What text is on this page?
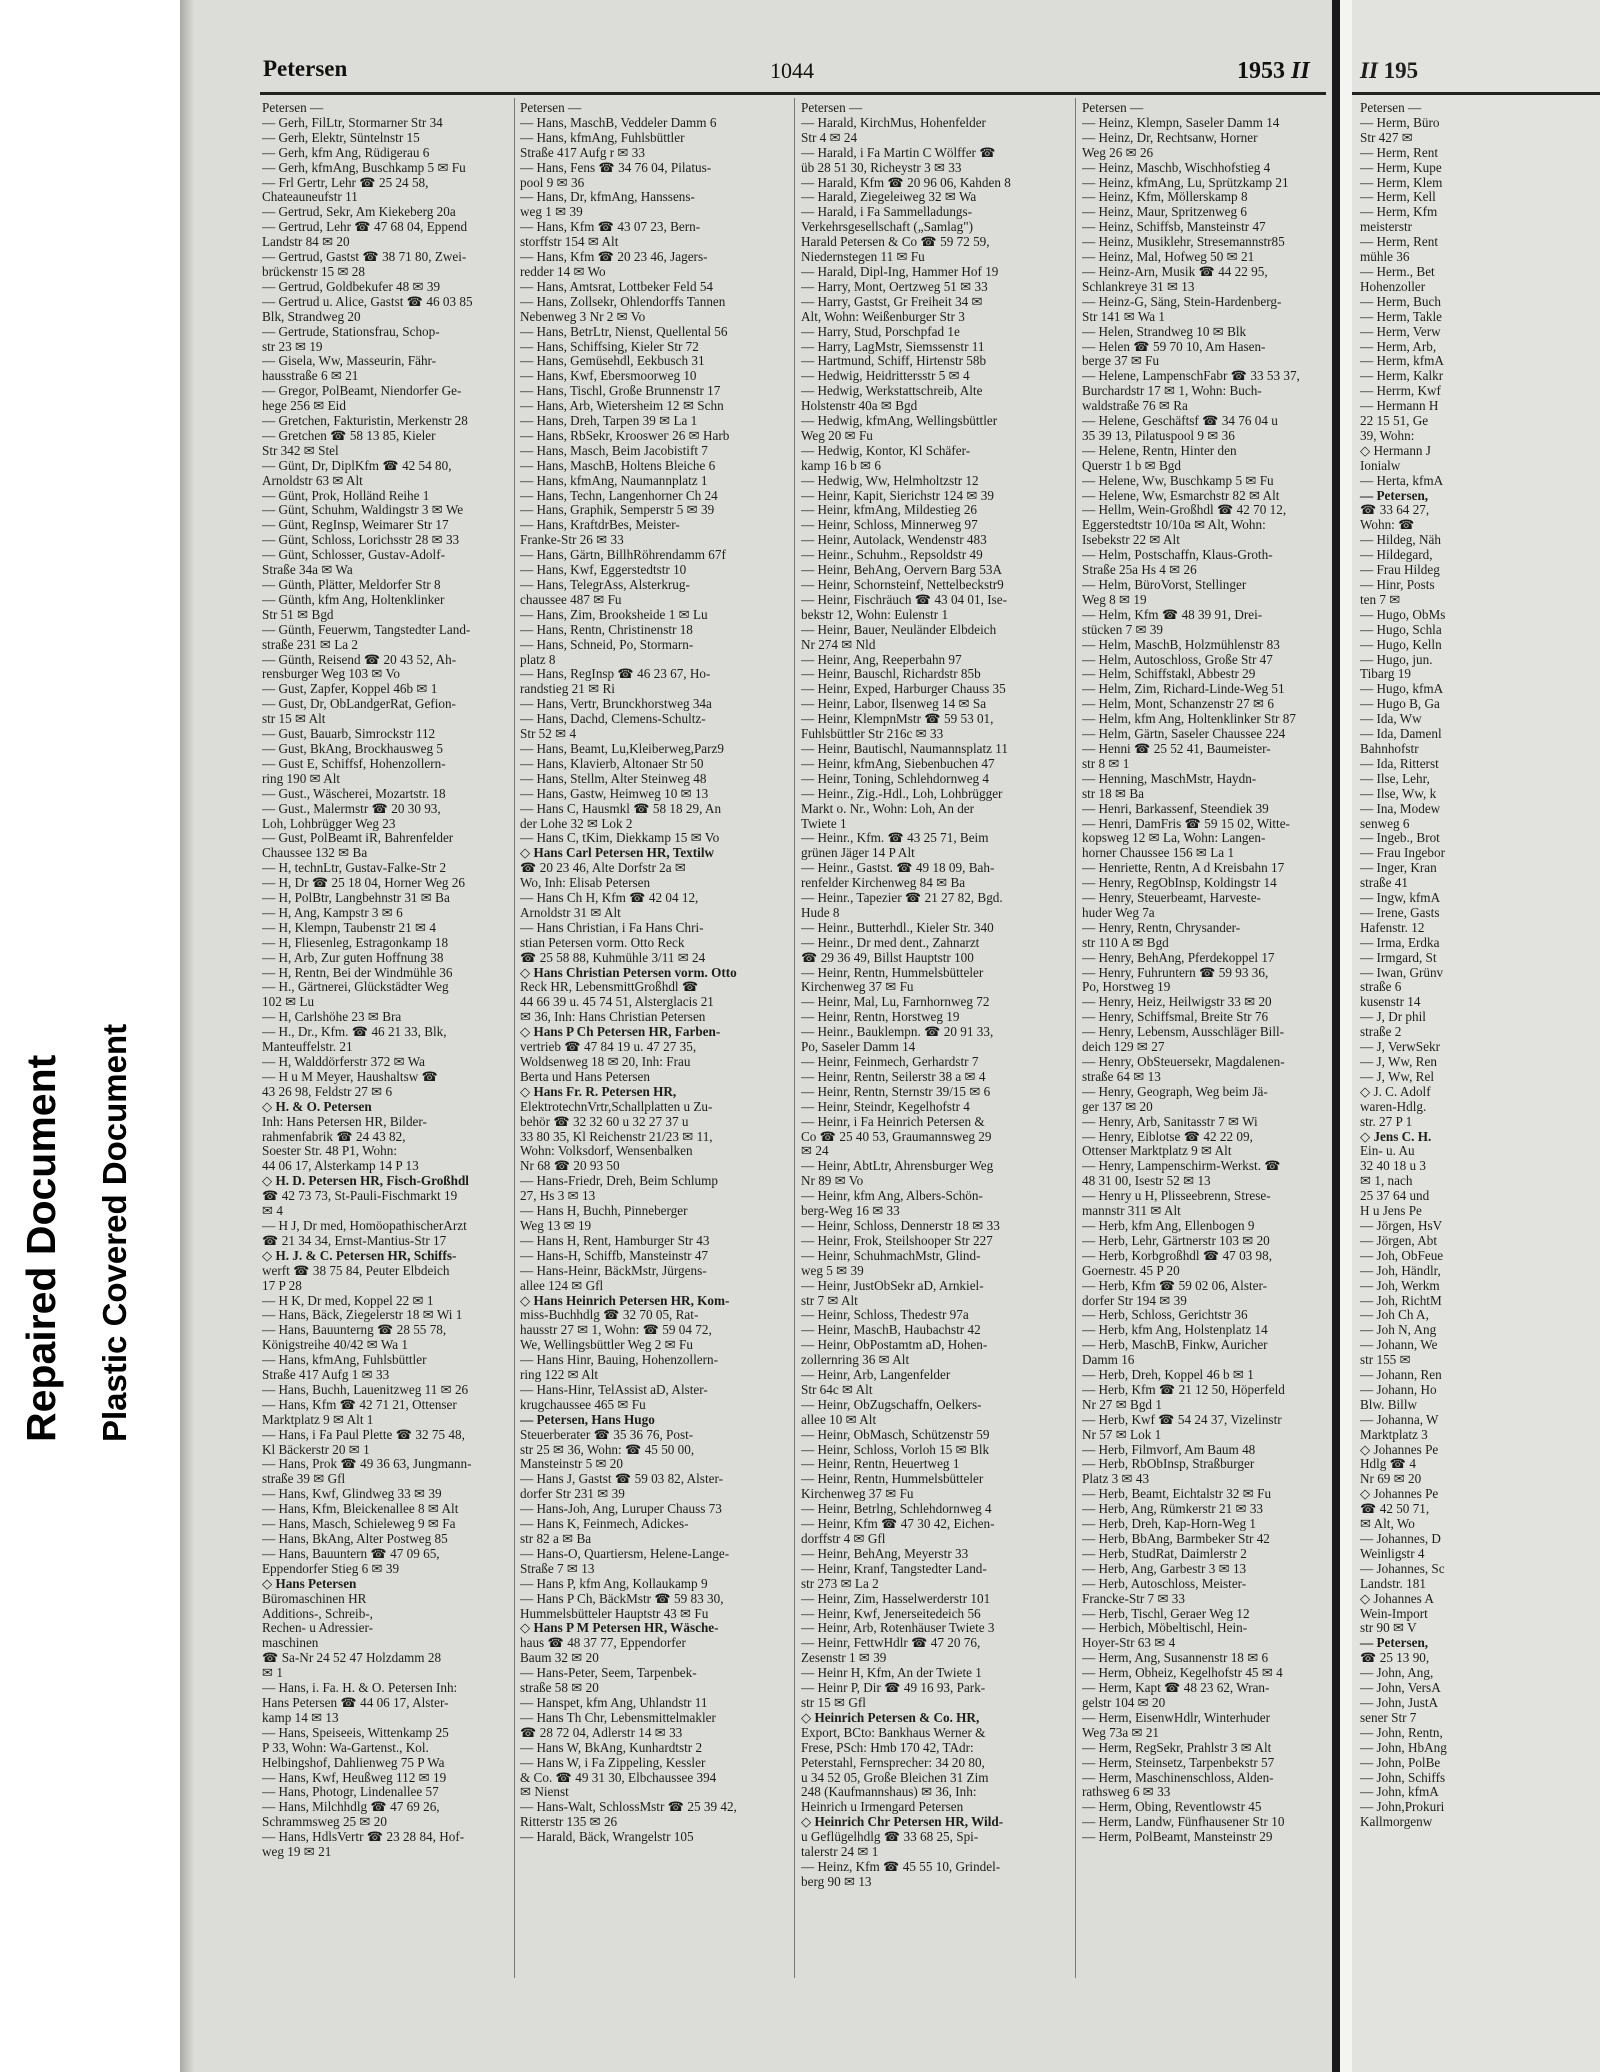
Repaired Document Plastic Covered Document
Petersen	1044	1953 II
Petersen —
— Gerh, FilLtr, Stormarner Str 34
— Gerh, Elektr, Süntelnstr 15
— Gerh, kfm Ang, Rüdigerau 6
— Gerh, kfmAng, Buschkamp 5 ✉ Fu
— Frl Gertr, Lehr ☎ 25 24 58,
Chateauneufstr 11
— Gertrud, Sekr, Am Kiekeberg 20a
— Gertrud, Lehr ☎ 47 68 04, Eppend
Landstr 84 ✉ 20
— Gertrud, Gastst ☎ 38 71 80, Zwei-
brückenstr 15 ✉ 28
— Gertrud, Goldbekufer 48 ✉ 39
— Gertrud u. Alice, Gastst ☎ 46 03 85
Blk, Strandweg 20
— Gertrude, Stationsfrau, Schop-
str 23 ✉ 19
— Gisela, Ww, Masseurin, Fähr-
hausstraße 6 ✉ 21
— Gregor, PolBeamt, Niendorfer Ge-
hege 256 ✉ Eid
— Gretchen, Fakturistin, Merkenstr 28
— Gretchen ☎ 58 13 85, Kieler
Str 342 ✉ Stel
— Günt, Dr, DiplKfm ☎ 42 54 80,
Arnoldstr 63 ✉ Alt
— Günt, Prok, Holländ Reihe 1
— Günt, Schuhm, Waldingstr 3 ✉ We
— Günt, RegInsp, Weimarer Str 17
— Günt, Schloss, Lorichsstr 28 ✉ 33
— Günt, Schlosser, Gustav-Adolf-
Straße 34a ✉ Wa
— Günth, Plätter, Meldorfer Str 8
— Günth, kfm Ang, Holtenklinker
Str 51 ✉ Bgd
— Günth, Feuerwm, Tangstedter Land-
straße 231 ✉ La 2
— Günth, Reisend ☎ 20 43 52, Ah-
rensburger Weg 103 ✉ Vo
— Gust, Zapfer, Koppel 46b ✉ 1
— Gust, Dr, ObLandgerRat, Gefion-
str 15 ✉ Alt
— Gust, Bauarb, Simrockstr 112
— Gust, BkAng, Brockhausweg 5
— Gust E, Schiffsf, Hohenzollern-
ring 190 ✉ Alt
— Gust., Wäscherei, Mozartstr. 18
— Gust., Malermstr ☎ 20 30 93,
Loh, Lohbrügger Weg 23
— Gust, PolBeamt iR, Bahrenfelder
Chaussee 132 ✉ Ba
— H, technLtr, Gustav-Falke-Str 2
— H, Dr ☎ 25 18 04, Horner Weg 26
— H, PolBtr, Langbehnstr 31 ✉ Ba
— H, Ang, Kampstr 3 ✉ 6
— H, Klempn, Taubenstr 21 ✉ 4
— H, Fliesenleg, Estragonkamp 18
— H, Arb, Zur guten Hoffnung 38
— H, Rentn, Bei der Windmühle 36
— H., Gärtnerei, Glückstädter Weg
102 ✉ Lu
— H, Carlshöhe 23 ✉ Bra
— H., Dr., Kfm. ☎ 46 21 33, Blk,
Manteuffelstr. 21
— H, Walddörferstr 372 ✉ Wa
— H u M Meyer, Haushaltsw ☎
43 26 98, Feldstr 27 ✉ 6
◇ H. & O. Petersen
Inh: Hans Petersen HR, Bilder-
rahmenfabrik ☎ 24 43 82,
Soester Str. 48 P1, Wohn:
44 06 17, Alsterkamp 14 P 13
◇ H. D. Petersen HR, Fisch-Großhdl
☎ 42 73 73, St-Pauli-Fischmarkt 19
✉ 4
— H J, Dr med, HomöopathischerArzt
☎ 21 34 34, Ernst-Mantius-Str 17
◇ H. J. & C. Petersen HR, Schiffs-
werft ☎ 38 75 84, Peuter Elbdeich
17 P 28
— H K, Dr med, Koppel 22 ✉ 1
— Hans, Bäck, Ziegelerstr 18 ✉ Wi 1
— Hans, Bauunterng ☎ 28 55 78,
Königstreihe 40/42 ✉ Wa 1
— Hans, kfmAng, Fuhlsbüttler
Straße 417 Aufg 1 ✉ 33
— Hans, Buchh, Lauenitzweg 11 ✉ 26
— Hans, Kfm ☎ 42 71 21, Ottenser
Marktplatz 9 ✉ Alt 1
— Hans, i Fa Paul Plette ☎ 32 75 48,
Kl Bäckerstr 20 ✉ 1
— Hans, Prok ☎ 49 36 63, Jungmann-
straße 39 ✉ Gfl
— Hans, Kwf, Glindweg 33 ✉ 39
— Hans, Kfm, Bleickenallee 8 ✉ Alt
— Hans, Masch, Schieleweg 9 ✉ Fa
— Hans, BkAng, Alter Postweg 85
— Hans, Bauuntern ☎ 47 09 65,
Eppendorfer Stieg 6 ✉ 39
◇ Hans Petersen
Büromaschinen HR
Additions-, Schreib-,
Rechen- u Adressier-
maschinen
☎ Sa-Nr 24 52 47 Holzdamm 28
✉ 1
— Hans, i. Fa. H. & O. Petersen Inh:
Hans Petersen ☎ 44 06 17, Alster-
kamp 14 ✉ 13
— Hans, Speiseeis, Wittenkamp 25
P 33, Wohn: Wa-Gartenst., Kol.
Helbingshof, Dahlienweg 75 P Wa
— Hans, Kwf, Heußweg 112 ✉ 19
— Hans, Photogr, Lindenallee 57
— Hans, Milchhdlg ☎ 47 69 26,
Schrammsweg 25 ✉ 20
— Hans, HdlsVertr ☎ 23 28 84, Hof-
weg 19 ✉ 21
Petersen —
— Hans, MaschB, Veddeler Damm 6
— Hans, kfmAng, Fuhlsbüttler
Straße 417 Aufg r ✉ 33
— Hans, Fens ☎ 34 76 04, Pilatus-
pool 9 ✉ 36
— Hans, Dr, kfmAng, Hanssens-
weg 1 ✉ 39
— Hans, Kfm ☎ 43 07 23, Bern-
storffstr 154 ✉ Alt
— Hans, Kfm ☎ 20 23 46, Jagers-
redder 14 ✉ Wo
— Hans, Amtsrat, Lottbeker Feld 54
— Hans, Zollsekr, Ohlendorffs Tannen
Nebenweg 3 Nr 2 ✉ Vo
— Hans, BetrLtr, Nienst, Quellental 56
— Hans, Schiffsing, Kieler Str 72
— Hans, Gemüsehdl, Eekbusch 31
— Hans, Kwf, Ebersmoorweg 10
— Hans, Tischl, Große Brunnenstr 17
— Hans, Arb, Wietersheim 12 ✉ Schn
— Hans, Dreh, Tarpen 39 ✉ La 1
— Hans, RbSekr, Krooswег 26 ✉ Harb
— Hans, Masch, Beim Jacobistift 7
— Hans, MaschB, Holtens Bleiche 6
— Hans, kfmAng, Naumannplatz 1
— Hans, Techn, Langenhorner Ch 24
— Hans, Graphik, Semperstr 5 ✉ 39
— Hans, KraftdrBes, Meister-
Franke-Str 26 ✉ 33
— Hans, Gärtn, BillhRöhrendamm 67f
— Hans, Kwf, Eggerstedtstr 10
— Hans, TelegrAss, Alsterkrug-
chaussee 487 ✉ Fu
— Hans, Zim, Brooksheide 1 ✉ Lu
— Hans, Rentn, Christinenstr 18
— Hans, Schneid, Po, Stormarn-
platz 8
— Hans, RegInsp ☎ 46 23 67, Ho-
randstieg 21 ✉ Ri
— Hans, Vertr, Brunckhorstweg 34a
— Hans, Dachd, Clemens-Schultz-
Str 52 ✉ 4
— Hans, Beamt, Lu,Kleiberweg,Parz9
— Hans, Klavierb, Altonaer Str 50
— Hans, Stellm, Alter Steinweg 48
— Hans, Gastw, Heimweg 10 ✉ 13
— Hans C, Hausmkl ☎ 58 18 29, An
der Lohe 32 ✉ Lok 2
— Hans C, tKim, Diekkamp 15 ✉ Vo
◇ Hans Carl Petersen HR, Textilw
☎ 20 23 46, Alte Dorfstr 2a ✉
Wo, Inh: Elisab Petersen
— Hans Ch H, Kfm ☎ 42 04 12,
Arnoldstr 31 ✉ Alt
— Hans Christian, i Fa Hans Chri-
stian Petersen vorm. Otto Reck
☎ 25 58 88, Kuhmühle 3/11 ✉ 24
◇ Hans Christian Petersen vorm. Otto
Reck HR, LebensmittGroßhdl ☎
44 66 39 u. 45 74 51, Alsterglacis 21
✉ 36, Inh: Hans Christian Petersen
◇ Hans P Ch Petersen HR, Farben-
vertrieb ☎ 47 84 19 u. 47 27 35,
Woldsenweg 18 ✉ 20, Inh: Frau
Berta und Hans Petersen
◇ Hans Fr. R. Petersen HR,
ElektrotechnVrtr,Schallplatten u Zu-
behör ☎ 32 32 60 u 32 27 37 u
33 80 35, Kl Reichenstr 21/23 ✉ 11,
Wohn: Volksdorf, Wensenbalken
Nr 68 ☎ 20 93 50
— Hans-Friedr, Dreh, Beim Schlump
27, Hs 3 ✉ 13
— Hans H, Buchh, Pinneberger
Weg 13 ✉ 19
— Hans H, Rent, Hamburger Str 43
— Hans-H, Schiffb, Mansteinstr 47
— Hans-Heinr, BäckMstr, Jürgens-
allee 124 ✉ Gfl
◇ Hans Heinrich Petersen HR, Kom-
miss-Buchhdlg ☎ 32 70 05, Rat-
hausstr 27 ✉ 1, Wohn: ☎ 59 04 72,
We, Wellingsbüttler Weg 2 ✉ Fu
— Hans Hinr, Bauing, Hohenzollern-
ring 122 ✉ Alt
— Hans-Hinr, TelAssist aD, Alster-
krugchaussee 465 ✉ Fu
— Petersen, Hans Hugo
Steuerberater ☎ 35 36 76, Post-
str 25 ✉ 36, Wohn: ☎ 45 50 00,
Mansteinstr 5 ✉ 20
— Hans J, Gastst ☎ 59 03 82, Alster-
dorfer Str 231 ✉ 39
— Hans-Joh, Ang, Luruper Chauss 73
— Hans K, Feinmech, Adickes-
str 82 a ✉ Ba
— Hans-O, Quartiersm, Helene-Lange-
Straße 7 ✉ 13
— Hans P, kfm Ang, Kollaukamp 9
— Hans P Ch, BäckMstr ☎ 59 83 30,
Hummelsbütteler Hauptstr 43 ✉ Fu
◇ Hans P M Petersen HR, Wäsche-
haus ☎ 48 37 77, Eppendorfer
Baum 32 ✉ 20
— Hans-Peter, Seem, Tarpenbek-
straße 58 ✉ 20
— Hanspet, kfm Ang, Uhlandstr 11
— Hans Th Chr, Lebensmittelmakler
☎ 28 72 04, Adlerstr 14 ✉ 33
— Hans W, BkAng, Kunhardtstr 2
— Hans W, i Fa Zippeling, Kessler
& Co. ☎ 49 31 30, Elbchaussee 394
✉ Nienst
— Hans-Walt, SchlossMstr ☎ 25 39 42,
Ritterstr 135 ✉ 26
— Harald, Bäck, Wrangelstr 105
Petersen —
— Harald, KirchMus, Hohenfelder
Str 4 ✉ 24
— Harald, i Fa Martin C Wölffer ☎
üb 28 51 30, Richeystr 3 ✉ 33
— Harald, Kfm ☎ 20 96 06, Kahden 8
— Harald, Ziegeleiweg 32 ✉ Wa
— Harald, i Fa Sammelladungs-
Verkehrsgesellschaft („Samlag")
Harald Petersen & Co ☎ 59 72 59,
Niedernstegen 11 ✉ Fu
— Harald, Dipl-Ing, Hammer Hof 19
— Harry, Mont, Oertzweg 51 ✉ 33
— Harry, Gastst, Gr Freiheit 34 ✉
Alt, Wohn: Weißenburger Str 3
— Harry, Stud, Porschpfad 1e
— Harry, LagMstr, Siemssenstr 11
— Hartmund, Schiff, Hirtenstr 58b
— Hedwig, Heidrittersstr 5 ✉ 4
— Hedwig, Werkstattschreib, Alte
Holstenstr 40a ✉ Bgd
— Hedwig, kfmAng, Wellingsbüttler
Weg 20 ✉ Fu
— Hedwig, Kontor, Kl Schäfer-
kamp 16 b ✉ 6
— Hedwig, Ww, Helmholtzstr 12
— Heinr, Kapit, Sierichstr 124 ✉ 39
— Heinr, kfmAng, Mildestieg 26
— Heinr, Schloss, Minnerweg 97
— Heinr, Autolack, Wendenstr 483
— Heinr., Schuhm., Repsoldstr 49
— Heinr, BehAng, Oervern Barg 53A
— Heinr, Schornsteinf, Nettelbeckstr9
— Heinr, Fischräuch ☎ 43 04 01, Ise-
bekstr 12, Wohn: Eulenstr 1
— Heinr, Bauer, Neuländer Elbdeich
Nr 274 ✉ Nld
— Heinr, Ang, Reeperbahn 97
— Heinr, Bauschl, Richardstr 85b
— Heinr, Exped, Harburger Chauss 35
— Heinr, Labor, Ilsenweg 14 ✉ Sa
— Heinr, KlempnMstr ☎ 59 53 01,
Fuhlsbüttler Str 216c ✉ 33
— Heinr, Bautischl, Naumannsplatz 11
— Heinr, kfmAng, Siebenbuchen 47
— Heinr, Toning, Schlehdornweg 4
— Heinr., Zig.-Hdl., Loh, Lohbrügger
Markt o. Nr., Wohn: Loh, An der
Twiete 1
— Heinr., Kfm. ☎ 43 25 71, Beim
grünen Jäger 14 P Alt
— Heinr., Gastst. ☎ 49 18 09, Bah-
renfelder Kirchenweg 84 ✉ Ba
— Heinr., Tapezier ☎ 21 27 82, Bgd.
Hude 8
— Heinr., Butterhdl., Kieler Str. 340
— Heinr., Dr med dent., Zahnarzt
☎ 29 36 49, Billst Hauptstr 100
— Heinr, Rentn, Hummelsbütteler
Kirchenweg 37 ✉ Fu
— Heinr, Mal, Lu, Farnhornweg 72
— Heinr, Rentn, Horstweg 19
— Heinr., Bauklempn. ☎ 20 91 33,
Po, Saseler Damm 14
— Heinr, Feinmech, Gerhardstr 7
— Heinr, Rentn, Seilerstr 38 a ✉ 4
— Heinr, Rentn, Sternstr 39/15 ✉ 6
— Heinr, Steindr, Kegelhofstr 4
— Heinr, i Fa Heinrich Petersen &
Co ☎ 25 40 53, Graumannsweg 29
✉ 24
— Heinr, AbtLtr, Ahrensburger Weg
Nr 89 ✉ Vo
— Heinr, kfm Ang, Albers-Schön-
berg-Weg 16 ✉ 33
— Heinr, Schloss, Dennerstr 18 ✉ 33
— Heinr, Frok, Steilshooper Str 227
— Heinr, SchuhmachMstr, Glind-
weg 5 ✉ 39
— Heinr, JustObSekr aD, Arnkiel-
str 7 ✉ Alt
— Heinr, Schloss, Thedestr 97a
— Heinr, MaschB, Haubachstr 42
— Heinr, ObPostamtm aD, Hohen-
zollernring 36 ✉ Alt
— Heinr, Arb, Langenfelder
Str 64c ✉ Alt
— Heinr, ObZugschaffn, Oelkers-
allee 10 ✉ Alt
— Heinr, ObMasch, Schützenstr 59
— Heinr, Schloss, Vorloh 15 ✉ Blk
— Heinr, Rentn, Heuertweg 1
— Heinr, Rentn, Hummelsbütteler
Kirchenweg 37 ✉ Fu
— Heinr, Betrlng, Schlehdornweg 4
— Heinr, Kfm ☎ 47 30 42, Eichen-
dorffstr 4 ✉ Gfl
— Heinr, BehAng, Meyerstr 33
— Heinr, Kranf, Tangstedter Land-
str 273 ✉ La 2
— Heinr, Zim, Hasselwerderstr 101
— Heinr, Kwf, Jenerseitedeich 56
— Heinr, Arb, Rotenhäuser Twiete 3
— Heinr, FettwHdlr ☎ 47 20 76,
Zesenstr 1 ✉ 39
— Heinr H, Kfm, An der Twiete 1
— Heinr P, Dir ☎ 49 16 93, Park-
str 15 ✉ Gfl
◇ Heinrich Petersen & Co. HR,
Export, BCto: Bankhaus Werner &
Frese, PSch: Hmb 170 42, TAdr:
Peterstahl, Fernsprecher: 34 20 80,
u 34 52 05, Große Bleichen 31 Zim
248 (Kaufmannshaus) ✉ 36, Inh:
Heinrich u Irmengard Petersen
◇ Heinrich Chr Petersen HR, Wild-
u Geflügelhdlg ☎ 33 68 25, Spi-
talerstr 24 ✉ 1
— Heinz, Kfm ☎ 45 55 10, Grindel-
berg 90 ✉ 13
Petersen —
— Heinz, Klempn, Saseler Damm 14
— Heinz, Dr, Rechtsanw, Horner
Weg 26 ✉ 26
— Heinz, Maschb, Wischhofstieg 4
— Heinz, kfmAng, Lu, Sprützkamp 21
— Heinz, Kfm, Möllerskamp 8
— Heinz, Maur, Spritzenweg 6
— Heinz, Schiffsb, Mansteinstr 47
— Heinz, Musiklehr, Stresemannstr85
— Heinz, Mal, Hofweg 50 ✉ 21
— Heinz-Arn, Musik ☎ 44 22 95,
Schlankreye 31 ✉ 13
— Heinz-G, Säng, Stein-Hardenberg-
Str 141 ✉ Wa 1
— Helen, Strandweg 10 ✉ Blk
— Helen ☎ 59 70 10, Am Hasen-
berge 37 ✉ Fu
— Helene, LampenschFabr ☎ 33 53 37,
Burchardstr 17 ✉ 1, Wohn: Buch-
waldstraße 76 ✉ Ra
— Helene, Geschäftsf ☎ 34 76 04 u
35 39 13, Pilatuspool 9 ✉ 36
— Helene, Rentn, Hinter den
Querstr 1 b ✉ Bgd
— Helene, Ww, Buschkamp 5 ✉ Fu
— Helene, Ww, Esmarchstr 82 ✉ Alt
— Hellm, Wein-Großhdl ☎ 42 70 12,
Eggerstedtstr 10/10a ✉ Alt, Wohn:
Isebekstr 22 ✉ Alt
— Helm, Postschaffn, Klaus-Groth-
Straße 25a Hs 4 ✉ 26
— Helm, BüroVorst, Stellinger
Weg 8 ✉ 19
— Helm, Kfm ☎ 48 39 91, Drei-
stücken 7 ✉ 39
— Helm, MaschB, Holzmühlenstr 83
— Helm, Autoschloss, Große Str 47
— Helm, Schiffstakl, Abbestr 29
— Helm, Zim, Richard-Linde-Weg 51
— Helm, Mont, Schanzenstr 27 ✉ 6
— Helm, kfm Ang, Holtenklinker Str 87
— Helm, Gärtn, Saseler Chaussee 224
— Henni ☎ 25 52 41, Baumeister-
str 8 ✉ 1
— Henning, MaschMstr, Haydn-
str 18 ✉ Ba
— Henri, Barkassenf, Steendiek 39
— Henri, DamFris ☎ 59 15 02, Witte-
kopsweg 12 ✉ La, Wohn: Langen-
horner Chaussee 156 ✉ La 1
— Henriette, Rentn, A d Kreisbahn 17
— Henry, RegObInsp, Koldingstr 14
— Henry, Steuerbeamt, Harveste-
huder Weg 7a
— Henry, Rentn, Chrysander-
str 110 A ✉ Bgd
— Henry, BehAng, Pferdekoppel 17
— Henry, Fuhruntern ☎ 59 93 36,
Po, Horstweg 19
— Henry, Heiz, Heilwigstr 33 ✉ 20
— Henry, Schiffsmal, Breite Str 76
— Henry, Lebensm, Ausschläger Bill-
deich 129 ✉ 27
— Henry, ObSteuersekr, Magdalenen-
straße 64 ✉ 13
— Henry, Geograph, Weg beim Jä-
ger 137 ✉ 20
— Henry, Arb, Sanitasstr 7 ✉ Wi
— Henry, Eiblotse ☎ 42 22 09,
Ottenser Marktplatz 9 ✉ Alt
— Henry, Lampenschirm-Werkst. ☎
48 31 00, Isestr 52 ✉ 13
— Henry u H, Plisseebrenn, Strese-
mannstr 311 ✉ Alt
— Herb, kfm Ang, Ellenbogen 9
— Herb, Lehr, Gärtnerstr 103 ✉ 20
— Herb, Korbgroßhdl ☎ 47 03 98,
Goernestr. 45 P 20
— Herb, Kfm ☎ 59 02 06, Alster-
dorfer Str 194 ✉ 39
— Herb, Schloss, Gerichtstr 36
— Herb, kfm Ang, Holstenplatz 14
— Herb, MaschB, Finkw, Auricher
Damm 16
— Herb, Dreh, Koppel 46 b ✉ 1
— Herb, Kfm ☎ 21 12 50, Höperfeld
Nr 27 ✉ Bgd 1
— Herb, Kwf ☎ 54 24 37, Vizelinstr
Nr 57 ✉ Lok 1
— Herb, Filmvorf, Am Baum 48
— Herb, RbObInsp, Straßburger
Platz 3 ✉ 43
— Herb, Beamt, Eichtalstr 32 ✉ Fu
— Herb, Ang, Rümkerstr 21 ✉ 33
— Herb, Dreh, Kap-Horn-Weg 1
— Herb, BbAng, Barmbeker Str 42
— Herb, StudRat, Daimlerstr 2
— Herb, Ang, Garbestr 3 ✉ 13
— Herb, Autoschloss, Meister-
Francke-Str 7 ✉ 33
— Herb, Tischl, Geraer Weg 12
— Herbich, Möbeltischl, Hein-
Hoyer-Str 63 ✉ 4
— Herm, Ang, Susannenstr 18 ✉ 6
— Herm, Obheiz, Kegelhofstr 45 ✉ 4
— Herm, Kapt ☎ 48 23 62, Wran-
gelstr 104 ✉ 20
— Herm, EisenwHdlr, Winterhuder
Weg 73a ✉ 21
— Herm, RegSekr, Prahlstr 3 ✉ Alt
— Herm, Steinsetz, Tarpenbekstr 57
— Herm, Maschinenschloss, Alden-
rathsweg 6 ✉ 33
— Herm, Obing, Reventlowstr 45
— Herm, Landw, Fünfhausener Str 10
— Herm, PolBeamt, Mansteinstr 29
II 195
Petersen —
— Herm, Büro
Str 427 ✉
— Herm, Rent
— Herm, Kupe
— Herm, Klem
— Herm, Kell
— Herm, Kfm
meisterstr
— Herm, Rent
mühle 36
— Herm., Bet
Hohenzoller
— Herm, Buch
— Herm, Takle
— Herm, Verw
— Herm, Arb,
— Herm, kfmA
— Herm, Kalkr
— Herrm, Kwf
— Hermann H
22 15 51, Ge
39, Wohn:
◇ Hermann J
Ionialw
— Herta, kfmA
— Petersen,
☎ 33 64 27,
Wohn: ☎
— Hildeg, Näh
— Hildegard,
— Frau Hildeg
— Hinr, Posts
ten 7 ✉
— Hugo, ObMs
— Hugo, Schla
— Hugo, Kelln
— Hugo, jun.
Tibarg 19
— Hugo, kfmA
— Hugo B, Ga
— Ida, Ww
— Ida, Damenl
Bahnhofstr
— Ida, Ritterst
— Ilse, Lehr,
— Ilse, Ww, k
— Ina, Modew
senweg 6
— Ingeb., Brot
— Frau Ingebor
— Inger, Kran
straße 41
— Ingw, kfmA
— Irene, Gasts
Hafenstr. 12
— Irma, Erdka
— Irmgard, St
— Iwan, Grünv
straße 6
kusenstr 14
— J, Dr phil
straße 2
— J, VerwSekr
— J, Ww, Ren
— J, Ww, Rel
◇ J. C. Adolf
waren-Hdlg.
str. 27 P 1
◇ Jens C. H.
Ein- u. Au
32 40 18 u 3
✉ 1, nach
25 37 64 und
H u Jens Pe
— Jörgen, HsV
— Jörgen, Abt
— Joh, ObFeue
— Joh, Händlr,
— Joh, Werkm
— Joh, RichtM
— Joh Ch A,
— Joh N, Ang
— Johann, We
str 155 ✉
— Johann, Ren
— Johann, Ho
Blw. Billw
— Johanna, W
Marktplatz 3
◇ Johannes Pe
Hdlg ☎ 4
Nr 69 ✉ 20
◇ Johannes Pe
☎ 42 50 71,
✉ Alt, Wo
— Johannes, D
Weinligstr 4
— Johannes, Sc
Landstr. 181
◇ Johannes A
Wein-Import
str 90 ✉ V
— Petersen,
☎ 25 13 90,
— John, Ang,
— John, VersA
— John, JustA
sener Str 7
— John, Rentn,
— John, HbAng
— John, PolBe
— John, Schiffs
— John, kfmA
— John,Prokuri
Kallmorgenw
